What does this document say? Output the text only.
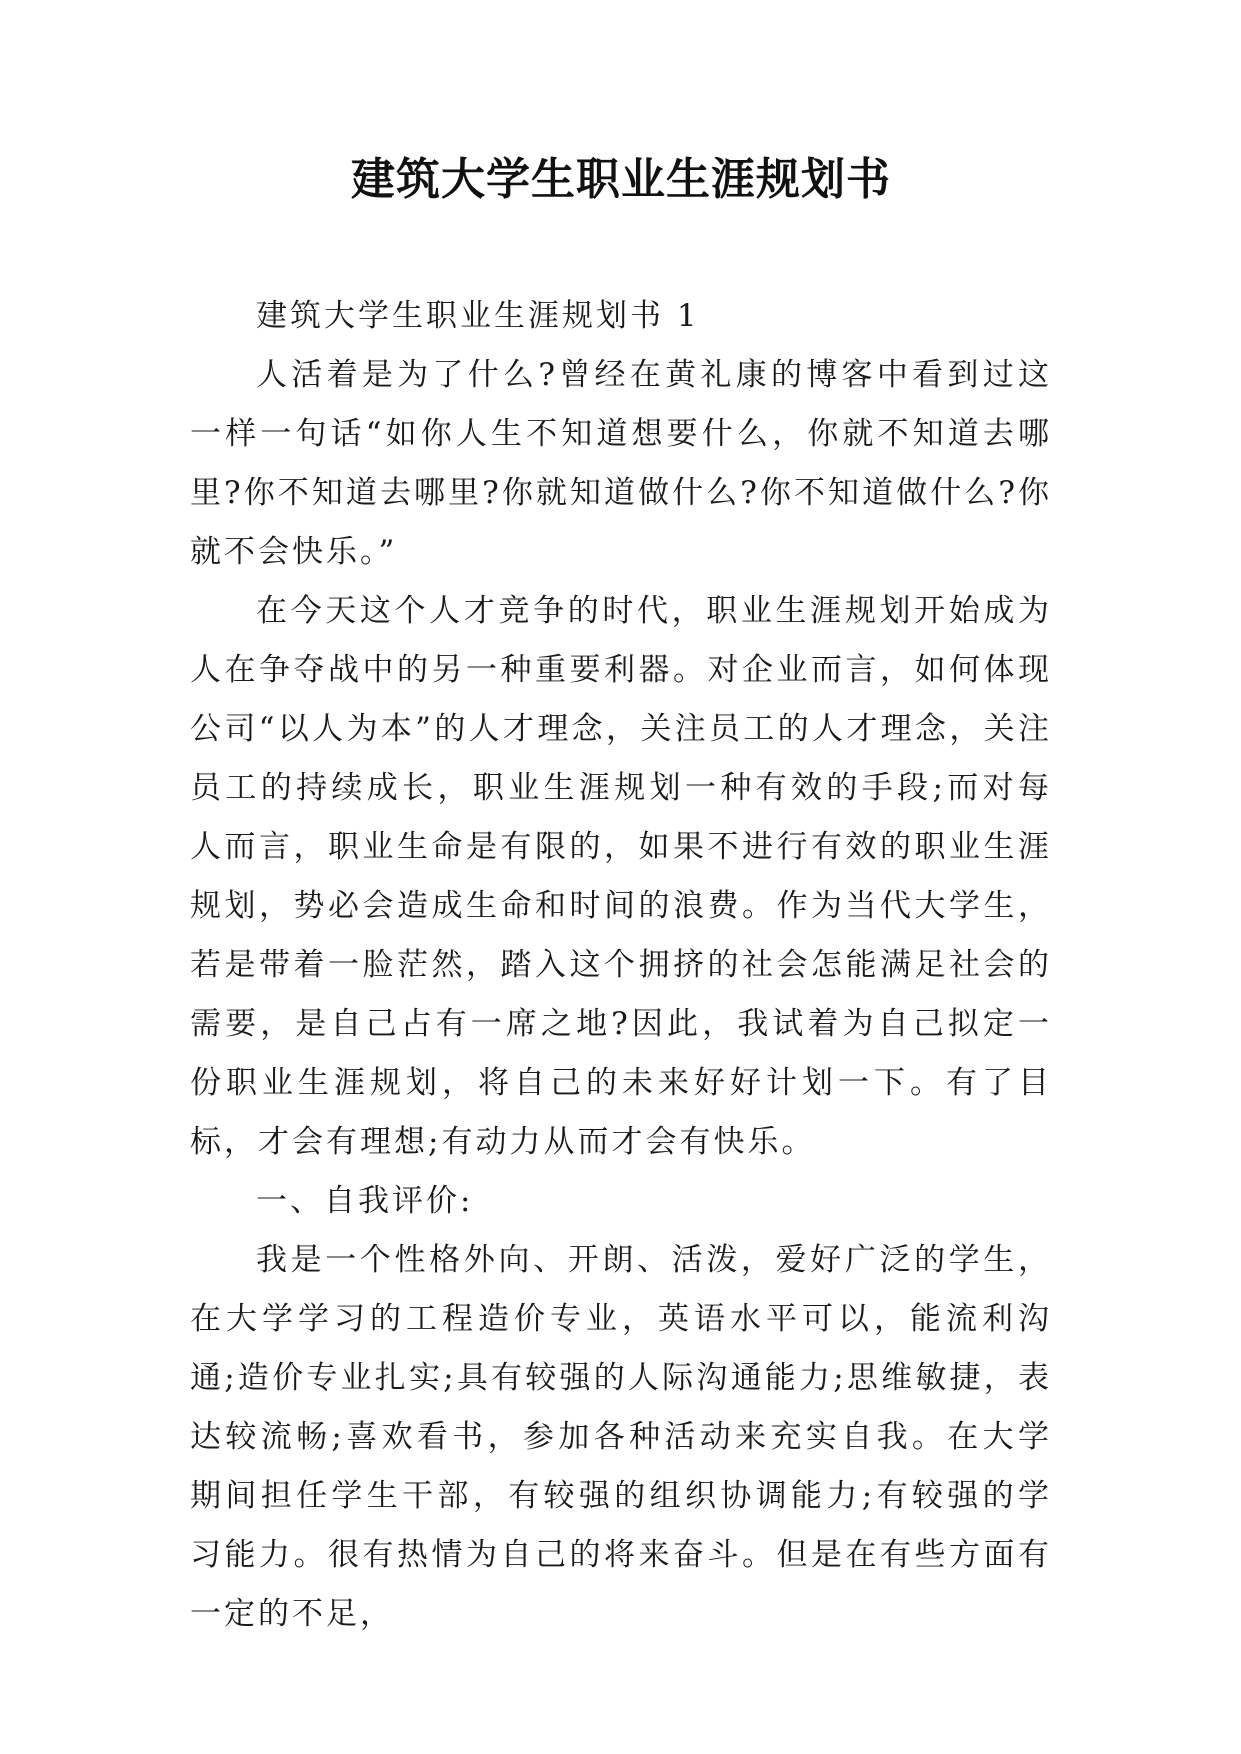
建筑大学生职业生涯规划书

建筑大学生职业生涯规划书 1

人活着是为了什么?曾经在黄礼康的博客中看到过这一样一句话“如你人生不知道想要什么，你就不知道去哪里?你不知道去哪里?你就知道做什么?你不知道做什么?你就不会快乐。”

在今天这个人才竞争的时代，职业生涯规划开始成为人在争夺战中的另一种重要利器。对企业而言，如何体现公司“以人为本”的人才理念，关注员工的人才理念，关注员工的持续成长，职业生涯规划一种有效的手段;而对每人而言，职业生命是有限的，如果不进行有效的职业生涯规划，势必会造成生命和时间的浪费。作为当代大学生，若是带着一脸茫然，踏入这个拥挤的社会怎能满足社会的需要，是自己占有一席之地?因此，我试着为自己拟定一份职业生涯规划，将自己的未来好好计划一下。有了目标，才会有理想;有动力从而才会有快乐。

一、自我评价:

我是一个性格外向、开朗、活泼，爱好广泛的学生，在大学学习的工程造价专业，英语水平可以，能流利沟通;造价专业扎实;具有较强的人际沟通能力;思维敏捷，表达较流畅;喜欢看书，参加各种活动来充实自我。在大学期间担任学生干部，有较强的组织协调能力;有较强的学习能力。很有热情为自己的将来奋斗。但是在有些方面有一定的不足，
